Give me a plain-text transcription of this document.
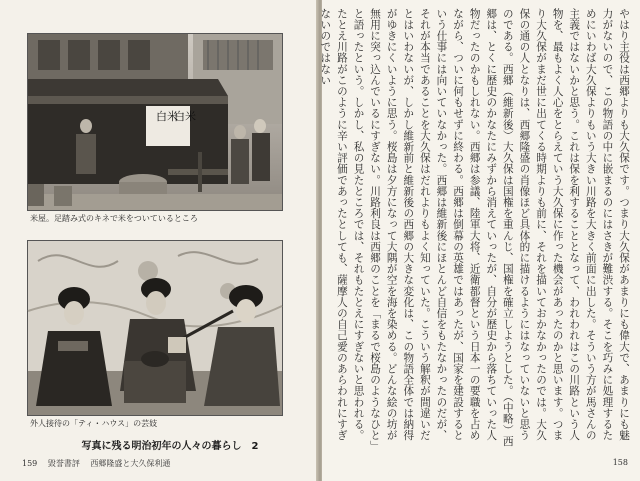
白米
白米
米屋。足踏み式のキネで米をついているところ
外人接待の「ティ・ハウス」の芸妓
写真に残る明治初年の人々の暮らし　2
159 毀誉書評 西郷隆盛と大久保利通

やはり主役は西郷よりも大久保です。つまり大久保があまりにも偉大で、あまりにも魅力がないので、この物語の中に嵌まるのにはさきが難渋する。そこを巧みに処理するためにいわば大久保よりもいう大きい川路を大きく前面に出した。そういう方が馬さんの主義ではないかと思う。これは保を利することとなって、われわれはこの川路という人物を、最もよく人心をとらえていう大久保に作った機会があったのかと思います。つまり大久保がまだ世に出てくる時期よりも前に、それを描いておかなかったのでは。大久保の通の人となりは、西郷隆盛の肖像ほど具体的に描けるようにはなっていないと思うのである。西郷（維新後）大久保は国権を重んじ、国権を確立しようとした。（中略）西郷は、とくに歴史のかなたにみずから消えていったが、自分が歴史から落ちていった人物だったのかもしれない。西郷は参議、陸軍大将、近衛都督という日本一の要職を占めながら、ついに何もせずに終わる。西郷は倒幕の英雄ではあったが、国家を建設するという仕事には向いていなかった。西郷は維新後にほとんど自信をもたなかったのだが、それが本当であることを大久保はだれよりもよく知っていた。こういう解釈が間違いだとはいわないが、しかし維新前と維新後の西郷の大きな変化は、この物語全体では納得がゆきにくいように思う。桜島は夕方になって大隅が空を海を染める。どんな絵の坊が無用に突っ込んでいるにすぎない。川路利良は西郷のことを「まるで桜島のようなひと」と語ったという。しかし、私の見たところでは、それもたとえにすぎないと思われる。たとえ川路がこのように辛い評価であったとしても、薩摩人の自己愛のあらわれにすぎないのではない

158
